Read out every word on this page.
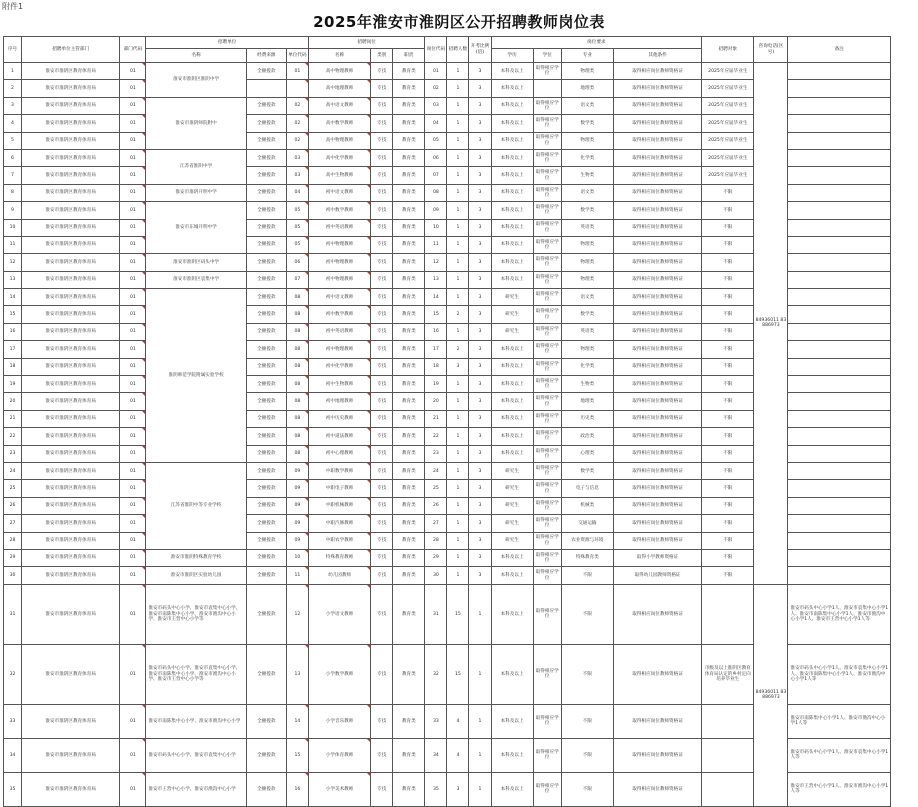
附件1
2025年淮安市淮阴区公开招聘教师岗位表
序号	招聘单位主管部门	部门代码	招聘单位			招聘岗位			岗位代码	招聘人数	开考比例(倍)	岗位要求				招聘对象	咨询电话(区号)	备注
			名称	经费来源	单位代码	名称	类别	职责				学历	学位	专业	其他条件			
1	淮安市淮阴区教育体育局	01	淮安市淮阴区淮阴中学	全额拨款	01	高中物理教师	专技	教育类	01	1	3	本科及以上	取得相应学位	物理类	取得相应岗位教师资格证	2025年应届毕业生	84936011 83886973	
2	淮安市淮阴区教育体育局	01				高中地理教师	专技	教育类	02	1	3	本科及以上		地理类	取得相应岗位教师资格证	2025年应届毕业生		
3	淮安市淮阴区教育体育局	01	淮安市淮阴师院附中	全额拨款	02	高中语文教师	专技	教育类	03	1	3	本科及以上	取得相应学位	语文类	取得相应岗位教师资格证	2025年应届毕业生		
4	淮安市淮阴区教育体育局	01		全额拨款	02	高中数学教师	专技	教育类	04	1	3	本科及以上	取得相应学位	数学类	取得相应岗位教师资格证	2025年应届毕业生		
5	淮安市淮阴区教育体育局	01		全额拨款	02	高中物理教师	专技	教育类	05	1	3	本科及以上	取得相应学位	物理类	取得相应岗位教师资格证	2025年应届毕业生		
6	淮安市淮阴区教育体育局	01	江苏省淮阴中学	全额拨款	03	高中化学教师	专技	教育类	06	1	3	本科及以上	取得相应学位	化学类	取得相应岗位教师资格证	2025年应届毕业生		
7	淮安市淮阴区教育体育局	01		全额拨款	03	高中生物教师	专技	教育类	07	1	3	本科及以上	取得相应学位	生物类	取得相应岗位教师资格证	2025年应届毕业生		
8	淮安市淮阴区教育体育局	01	淮安市淮阴开明中学	全额拨款	04	初中语文教师	专技	教育类	08	1	3	本科及以上	取得相应学位	语文类	取得相应岗位教师资格证	不限		
9	淮安市淮阴区教育体育局	01	淮安市东城开明中学	全额拨款	05	初中数学教师	专技	教育类	09	1	3	本科及以上	取得相应学位	数学类	取得相应岗位教师资格证	不限		
10	淮安市淮阴区教育体育局	01		全额拨款	05	初中英语教师	专技	教育类	10	1	3	本科及以上	取得相应学位	英语类	取得相应岗位教师资格证	不限		
11	淮安市淮阴区教育体育局	01		全额拨款	05	初中物理教师	专技	教育类	11	1	3	本科及以上	取得相应学位	物理类	取得相应岗位教师资格证	不限		
12	淮安市淮阴区教育体育局	01	淮安市淮阴区码头中学	全额拨款	06	初中物理教师	专技	教育类	12	1	3	本科及以上	取得相应学位	物理类	取得相应岗位教师资格证	不限		
13	淮安市淮阴区教育体育局	01	淮安市淮阴区袁集中学	全额拨款	07	初中物理教师	专技	教育类	13	1	3	本科及以上	取得相应学位	物理类	取得相应岗位教师资格证	不限		
14	淮安市淮阴区教育体育局	01	淮阴师范学院附属实验学校	全额拨款	08	初中语文教师	专技	教育类	14	1	3	研究生	取得相应学位	语文类	取得相应岗位教师资格证	不限		
15	淮安市淮阴区教育体育局	01		全额拨款	08	初中数学教师	专技	教育类	15	2	3	研究生	取得相应学位	数学类	取得相应岗位教师资格证	不限		
16	淮安市淮阴区教育体育局	01		全额拨款	08	初中英语教师	专技	教育类	16	1	3	研究生	取得相应学位	英语类	取得相应岗位教师资格证	不限		
17	淮安市淮阴区教育体育局	01		全额拨款	08	初中物理教师	专技	教育类	17	2	3	本科及以上	取得相应学位	物理类	取得相应岗位教师资格证	不限		
18	淮安市淮阴区教育体育局	01		全额拨款	08	初中化学教师	专技	教育类	18	3	3	本科及以上	取得相应学位	化学类	取得相应岗位教师资格证	不限		
19	淮安市淮阴区教育体育局	01		全额拨款	08	初中生物教师	专技	教育类	19	1	3	本科及以上	取得相应学位	生物类	取得相应岗位教师资格证	不限		
20	淮安市淮阴区教育体育局	01		全额拨款	08	初中地理教师	专技	教育类	20	1	3	本科及以上	取得相应学位	地理类	取得相应岗位教师资格证	不限		
21	淮安市淮阴区教育体育局	01		全额拨款	08	初中历史教师	专技	教育类	21	1	3	本科及以上	取得相应学位	历史类	取得相应岗位教师资格证	不限		
22	淮安市淮阴区教育体育局	01		全额拨款	08	初中道法教师	专技	教育类	22	1	3	本科及以上	取得相应学位	政治类	取得相应岗位教师资格证	不限		
23	淮安市淮阴区教育体育局	01		全额拨款	08	初中心理教师	专技	教育类	23	1	3	本科及以上	取得相应学位	心理类	取得相应岗位教师资格证	不限		
24	淮安市淮阴区教育体育局	01	江苏省淮阴中等专业学校	全额拨款	09	中职数学教师	专技	教育类	24	1	3	研究生	取得相应学位	数学类	取得相应岗位教师资格证	不限		
25	淮安市淮阴区教育体育局	01		全额拨款	09	中职电子教师	专技	教育类	25	1	3	研究生	取得相应学位	电子与信息	取得相应岗位教师资格证	不限		
26	淮安市淮阴区教育体育局	01		全额拨款	09	中职机械教师	专技	教育类	26	1	3	研究生	取得相应学位	机械类	取得相应岗位教师资格证	不限		
27	淮安市淮阴区教育体育局	01		全额拨款	09	中职汽修教师	专技	教育类	27	1	3	研究生	取得相应学位	交通运输	取得相应岗位教师资格证	不限		
28	淮安市淮阴区教育体育局	01		全额拨款	09	中职农学教师	专技	教育类	28	1	3	研究生	取得相应学位	农业资源与环境	取得相应岗位教师资格证	不限		
29	淮安市淮阴区教育体育局	01	淮安市淮阴特殊教育学校	全额拨款	10	特殊教育教师	专技	教育类	29	1	3	本科及以上	取得相应学位	特殊教育类	取得小学教师资格证	不限		
30	淮安市淮阴区教育体育局	01	淮安市淮阴区实验幼儿园	全额拨款	11	幼儿园教师	专技	教育类	30	1	3	本科及以上	取得相应学位	不限	取得幼儿园教师资格证	不限		
31	淮安市淮阴区教育体育局	01	淮安市码头中心小学、淮安市袁集中心小学、淮安市南陈集中心小学、淮安市渔沟中心小学、淮安市王营中心小学等	全额拨款	12	小学语文教师	专技	教育类	31	15	1	本科及以上	取得相应学位	不限	取得相应岗位教师资格证		84936011 83886973	淮安市码头中心小学1人、淮安市袁集中心小学1人、淮安市南陈集中心小学1人、淮安市渔沟中心小学1人、淮安市王营中心小学1人等
32	淮安市淮阴区教育体育局	01	淮安市码头中心小学、淮安市袁集中心小学、淮安市南陈集中心小学、淮安市渔沟中心小学、淮安市王营中心小学等	全额拨款	13	小学数学教师	专技	教育类	32	15	1	本科及以上	取得相应学位	不限	取得相应岗位教师资格证	市级及以上淮阴区教育体育局认定的乡村定向培养毕业生		淮安市码头中心小学1人、淮安市袁集中心小学1人、淮安市南陈集中心小学1人、淮安市渔沟中心小学1人等
33	淮安市淮阴区教育体育局	01	淮安市南陈集中心小学、淮安市渔沟中心小学	全额拨款	14	小学音乐教师	专技	教育类	33	4	1	本科及以上	取得相应学位	不限	取得相应岗位教师资格证			淮安市南陈集中心小学1人、淮安市渔沟中心小学1人等
34	淮安市淮阴区教育体育局	01	淮安市码头中心小学、淮安市袁集中心小学	全额拨款	15	小学体育教师	专技	教育类	34	4	1	本科及以上	取得相应学位	不限	取得相应岗位教师资格证			淮安市码头中心小学1人、淮安市袁集中心小学1人等
35	淮安市淮阴区教育体育局	01	淮安市王营中心小学、淮安市渔沟中心小学	全额拨款	16	小学美术教师	专技	教育类	35	3	1	本科及以上	取得相应学位	不限	取得相应岗位教师资格证			淮安市王营中心小学1人、淮安市渔沟中心小学1人等
